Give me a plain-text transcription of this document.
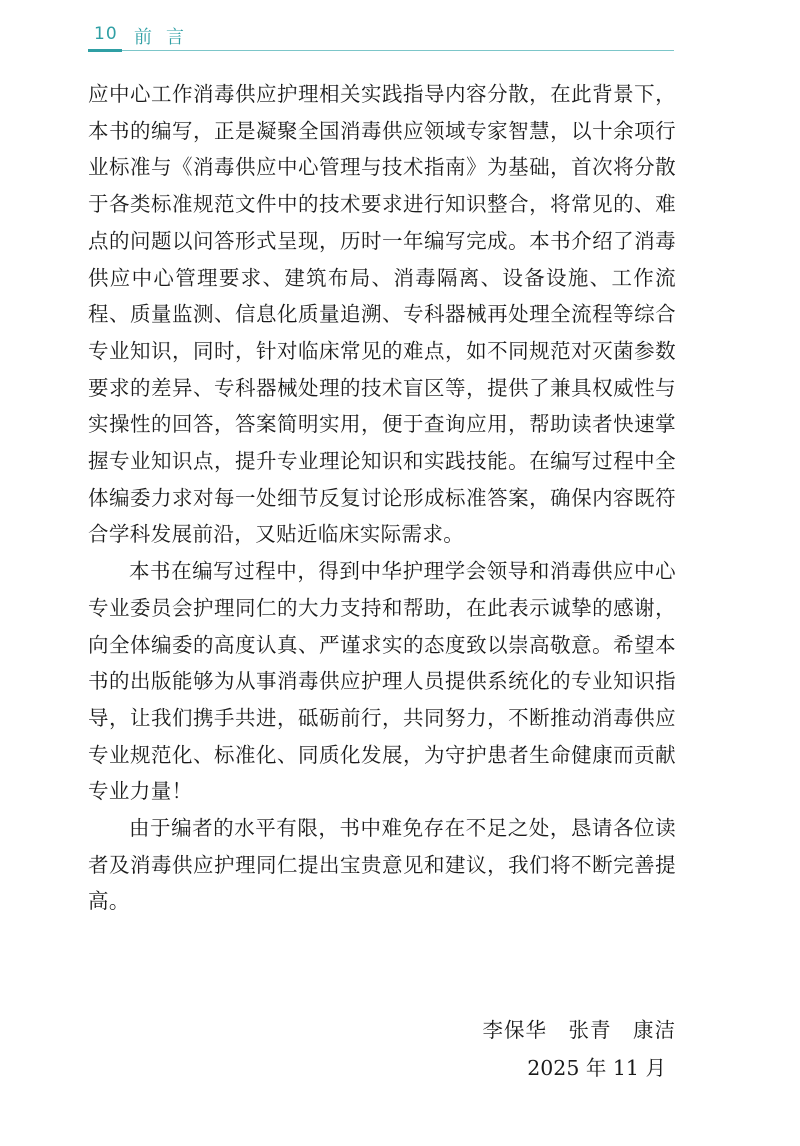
10 前言

应中心工作消毒供应护理相关实践指导内容分散，在此背景下，本书的编写，正是凝聚全国消毒供应领域专家智慧，以十余项行业标准与《消毒供应中心管理与技术指南》为基础，首次将分散于各类标准规范文件中的技术要求进行知识整合，将常见的、难点的问题以问答形式呈现，历时一年编写完成。本书介绍了消毒供应中心管理要求、建筑布局、消毒隔离、设备设施、工作流程、质量监测、信息化质量追溯、专科器械再处理全流程等综合专业知识，同时，针对临床常见的难点，如不同规范对灭菌参数要求的差异、专科器械处理的技术盲区等，提供了兼具权威性与实操性的回答，答案简明实用，便于查询应用，帮助读者快速掌握专业知识点，提升专业理论知识和实践技能。在编写过程中全体编委力求对每一处细节反复讨论形成标准答案，确保内容既符合学科发展前沿，又贴近临床实际需求。

本书在编写过程中，得到中华护理学会领导和消毒供应中心专业委员会护理同仁的大力支持和帮助，在此表示诚挚的感谢，向全体编委的高度认真、严谨求实的态度致以崇高敬意。希望本书的出版能够为从事消毒供应护理人员提供系统化的专业知识指导，让我们携手共进，砥砺前行，共同努力，不断推动消毒供应专业规范化、标准化、同质化发展，为守护患者生命健康而贡献专业力量！

由于编者的水平有限，书中难免存在不足之处，恳请各位读者及消毒供应护理同仁提出宝贵意见和建议，我们将不断完善提高。

李保华 张青 康洁
2025 年 11 月
